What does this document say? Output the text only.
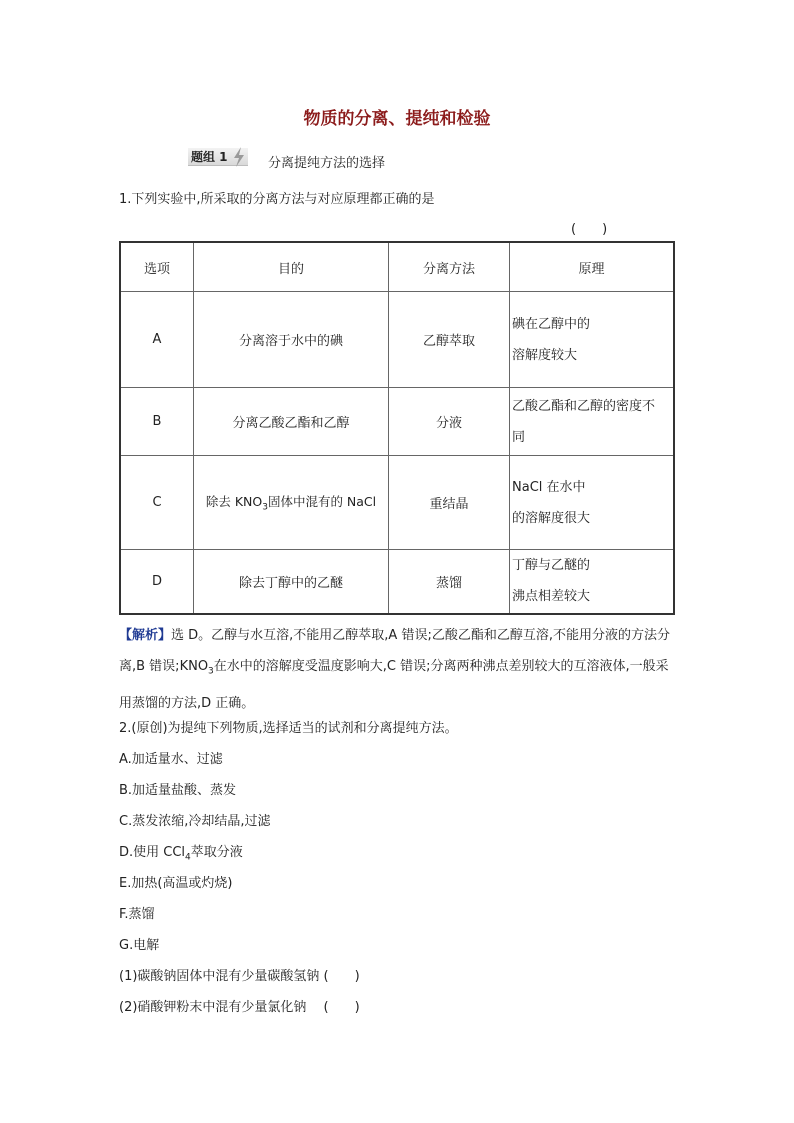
物质的分离、提纯和检验
题组 1	分离提纯方法的选择
1.下列实验中,所采取的分离方法与对应原理都正确的是
(　　)
选项	目的	分离方法	原理
A	分离溶于水中的碘	乙醇萃取	碘在乙醇中的
溶解度较大

B	分离乙酸乙酯和乙醇	分液	乙酸乙酯和乙醇的密度不
同

C	除去 $KNO_3$固体中混有的 NaCl	重结晶	NaCl 在水中
的溶解度很大

D	除去丁醇中的乙醚	蒸馏	丁醇与乙醚的
沸点相差较大
【解析】选 D。乙醇与水互溶,不能用乙醇萃取,A 错误;乙酸乙酯和乙醇互溶,不能用分液的方法分离,B 错误$;KNO_3$在水中的溶解度受温度影响大,C 错误;分离两种沸点差别较大的互溶液体,一般采用蒸馏的方法,D 正确。
2.(原创)为提纯下列物质,选择适当的试剂和分离提纯方法。
A.加适量水、过滤
B.加适量盐酸、蒸发
C.蒸发浓缩,冷却结晶,过滤
D.使用 CCl$_4$萃取分液
E.加热(高温或灼烧)
F.蒸馏
G.电解
(1)碳酸钠固体中混有少量碳酸氢钠 (　　)
(2)硝酸钾粉末中混有少量氯化钠　 (　　)
